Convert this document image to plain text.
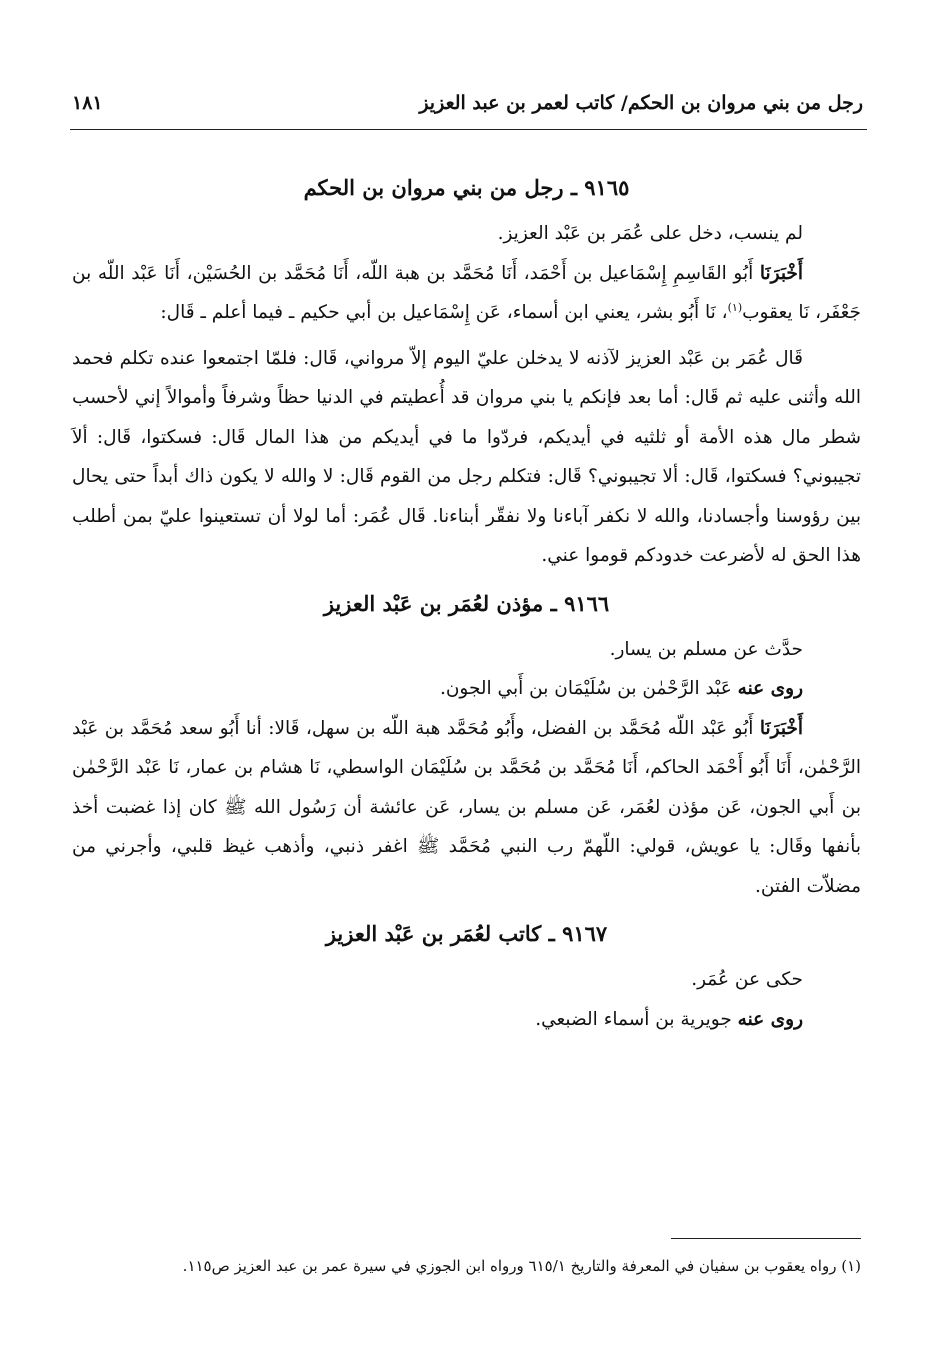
رجل من بني مروان بن الحكم/ كاتب لعمر بن عبد العزيز
١٨١

٩١٦٥ ـ رجل من بني مروان بن الحكم

لم ينسب، دخل على عُمَر بن عَبْد العزيز.

أَخْبَرَنَا أَبُو القَاسِمِ إِسْمَاعيل بن أَحْمَد، أَنَا مُحَمَّد بن هبة اللّه، أَنَا مُحَمَّد بن الحُسَيْن، أَنَا عَبْد اللّه بن جَعْفَر، نَا يعقوب$^{(١)}$، نَا أَبُو بشر، يعني ابن أسماء، عَن إِسْمَاعيل بن أبي حكيم ـ فيما أعلم ـ قَال:

قَال عُمَر بن عَبْد العزيز لآذنه لا يدخلن عليّ اليوم إلاّ مرواني، قَال: فلمّا اجتمعوا عنده تكلم فحمد الله وأثنى عليه ثم قَال: أما بعد فإنكم يا بني مروان قد أُعطيتم في الدنيا حظاً وشرفاً وأموالاً إني لأحسب شطر مال هذه الأمة أو ثلثيه في أيديكم، فردّوا ما في أيديكم من هذا المال قَال: فسكتوا، قَال: ألاَ تجيبوني؟ فسكتوا، قَال: ألا تجيبوني؟ قَال: فتكلم رجل من القوم قَال: لا والله لا يكون ذاك أبداً حتى يحال بين رؤوسنا وأجسادنا، والله لا نكفر آباءنا ولا نفقّر أبناءنا. قَال عُمَر: أما لولا أن تستعينوا عليّ بمن أطلب هذا الحق له لأضرعت خدودكم قوموا عني.

٩١٦٦ ـ مؤذن لعُمَر بن عَبْد العزيز

حدَّث عن مسلم بن يسار.

روى عنه عَبْد الرَّحْمٰن بن سُلَيْمَان بن أَبي الجون.

أَخْبَرَنَا أَبُو عَبْد اللّه مُحَمَّد بن الفضل، وأَبُو مُحَمَّد هبة اللّه بن سهل، قَالا: أنا أَبُو سعد مُحَمَّد بن عَبْد الرَّحْمٰن، أَنَا أَبُو أَحْمَد الحاكم، أَنَا مُحَمَّد بن مُحَمَّد بن سُلَيْمَان الواسطي، نَا هشام بن عمار، نَا عَبْد الرَّحْمٰن بن أَبي الجون، عَن مؤذن لعُمَر، عَن مسلم بن يسار، عَن عائشة أن رَسُول الله ﷺ كان إذا غضبت أخذ بأنفها وقَال: يا عويش، قولي: اللّهمّ رب النبي مُحَمَّد ﷺ اغفر ذنبي، وأذهب غيظ قلبي، وأجرني من مضلاّت الفتن.

٩١٦٧ ـ كاتب لعُمَر بن عَبْد العزيز

حكى عن عُمَر.

روى عنه جويرية بن أسماء الضبعي.

(١) رواه يعقوب بن سفيان في المعرفة والتاريخ ٦١٥/١ ورواه ابن الجوزي في سيرة عمر بن عبد العزيز ص١١٥.
